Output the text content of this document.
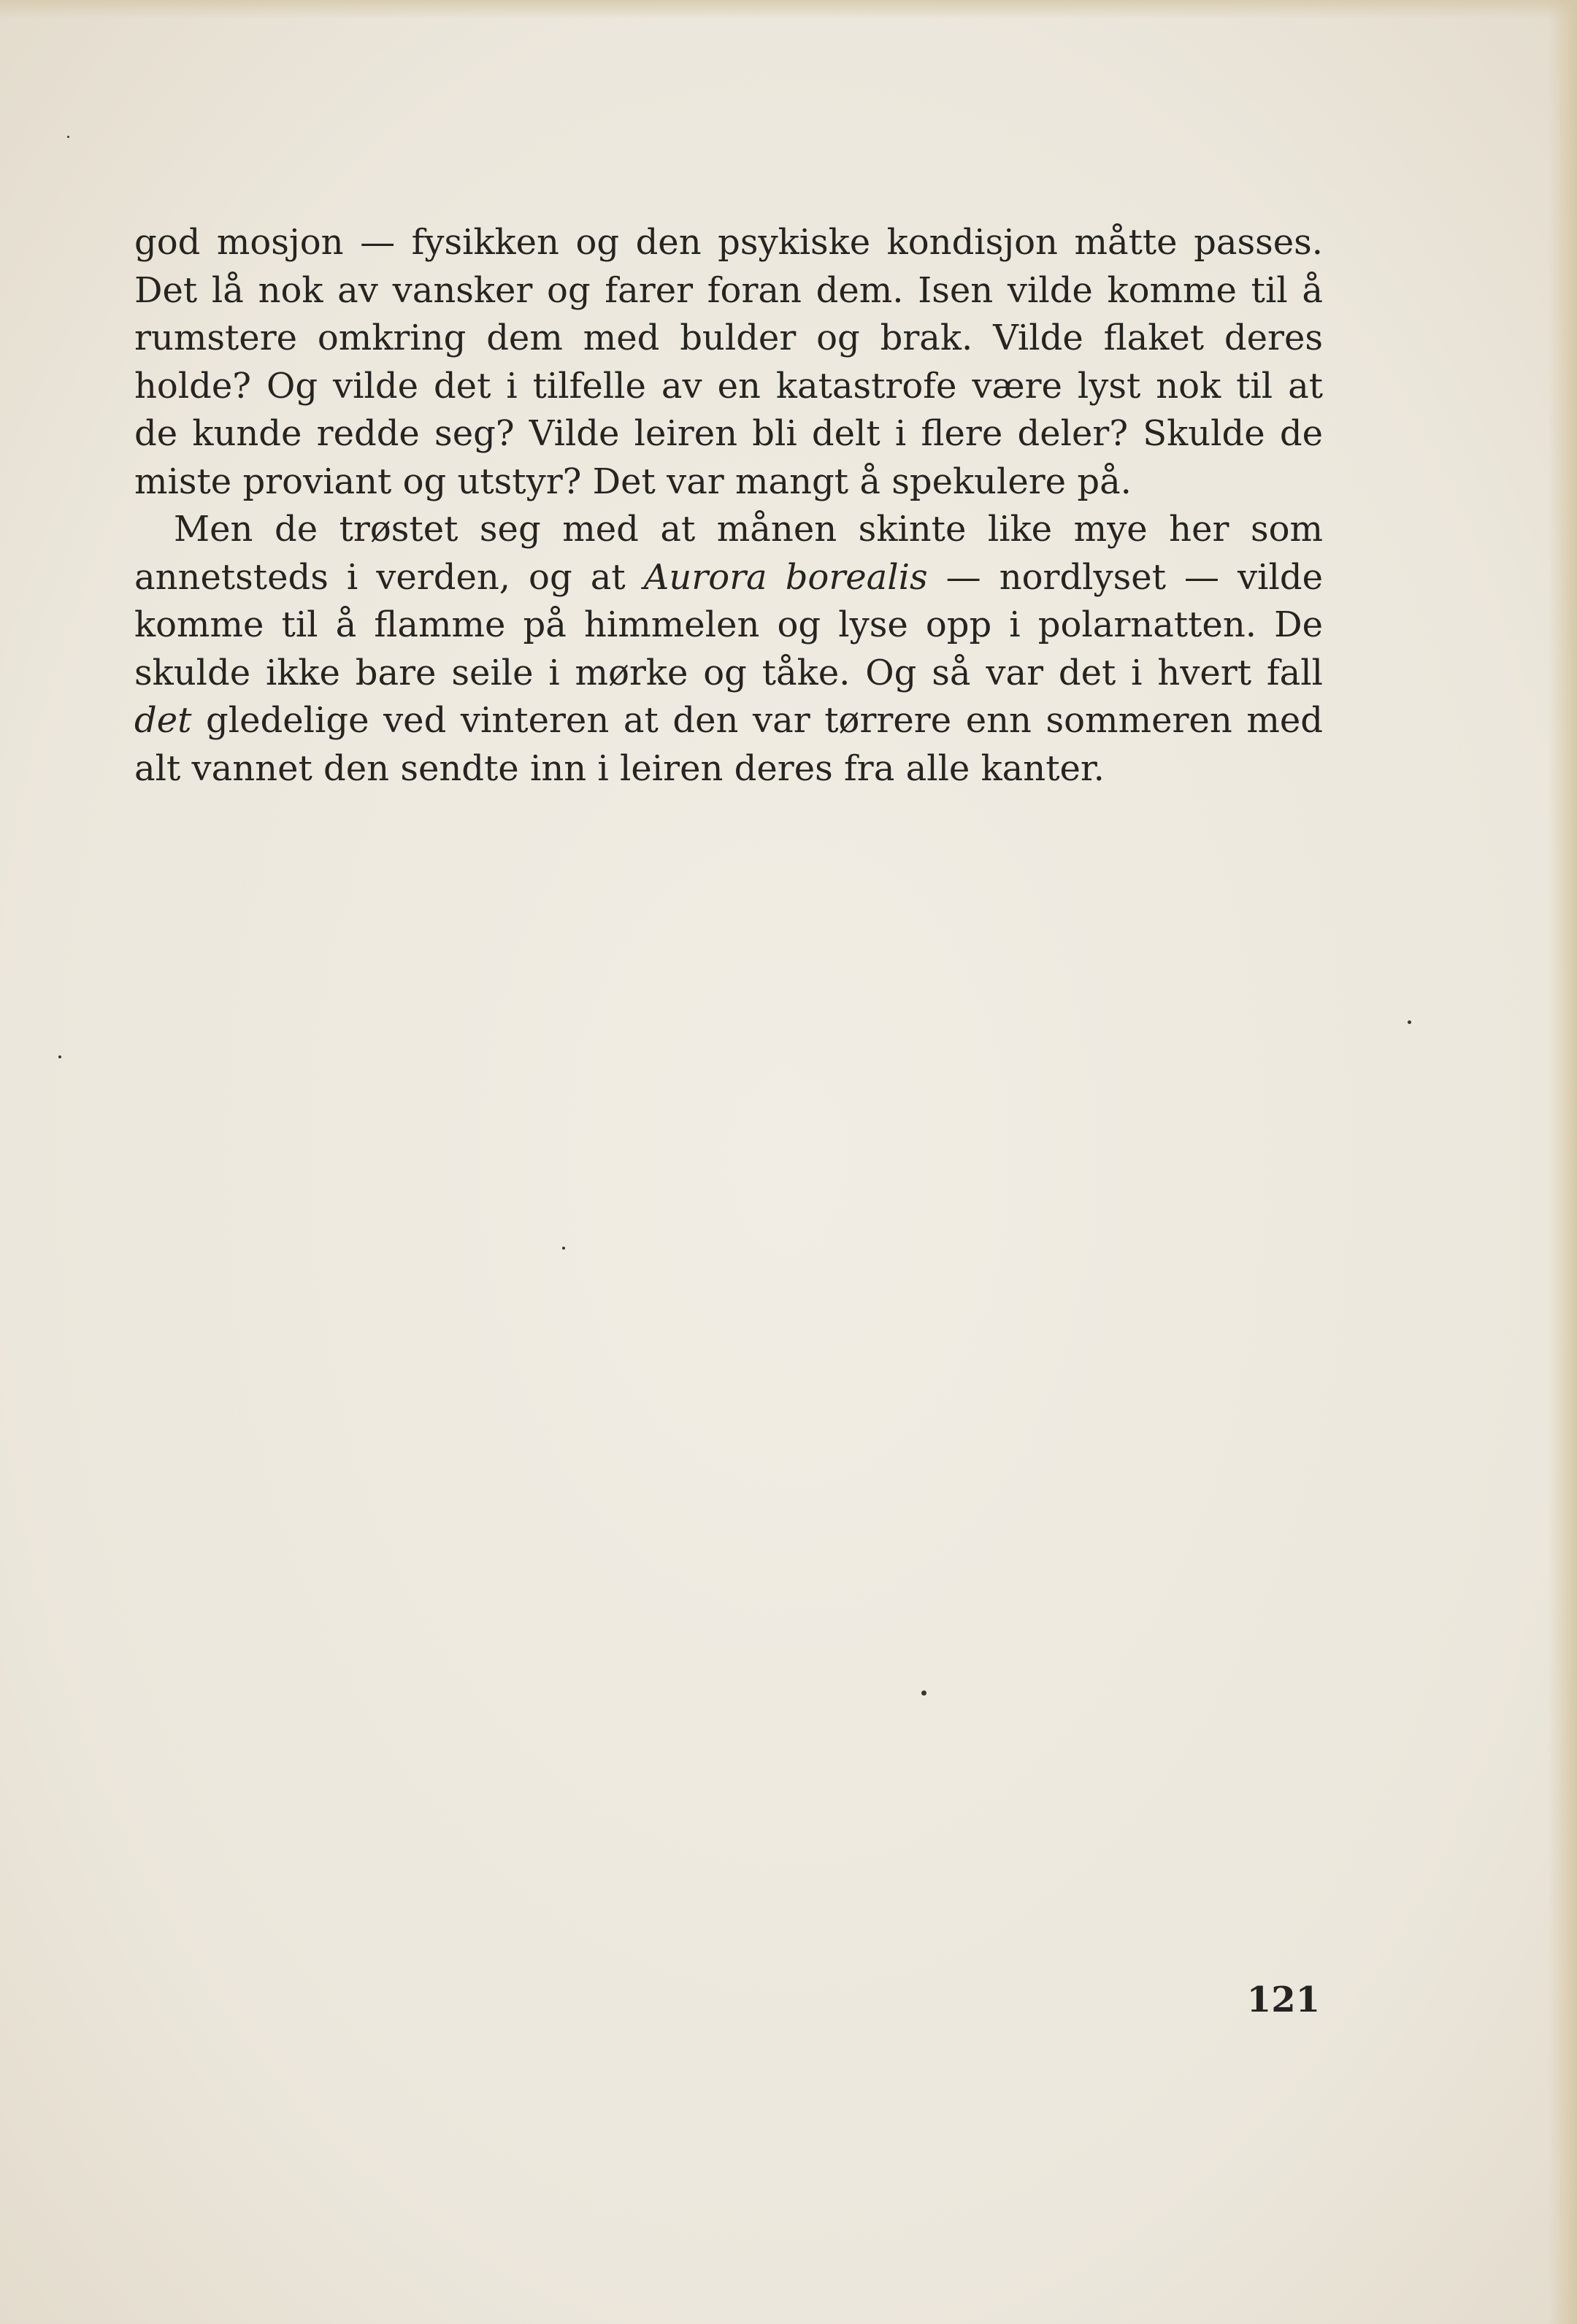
god mosjon — fysikken og den psykiske kondisjon måtte passes. Det lå nok av vansker og farer foran dem. Isen vilde komme til å rumstere omkring dem med bulder og brak. Vilde flaket deres holde? Og vilde det i tilfelle av en katastrofe være lyst nok til at de kunde redde seg? Vilde leiren bli delt i flere deler? Skulde de miste proviant og utstyr? Det var mangt å spekulere på.

Men de trøstet seg med at månen skinte like mye her som annetsteds i verden, og at Aurora borealis — nordlyset — vilde komme til å flamme på himmelen og lyse opp i polarnatten. De skulde ikke bare seile i mørke og tåke. Og så var det i hvert fall det gledelige ved vinteren at den var tørrere enn sommeren med alt vannet den sendte inn i leiren deres fra alle kanter.

121
